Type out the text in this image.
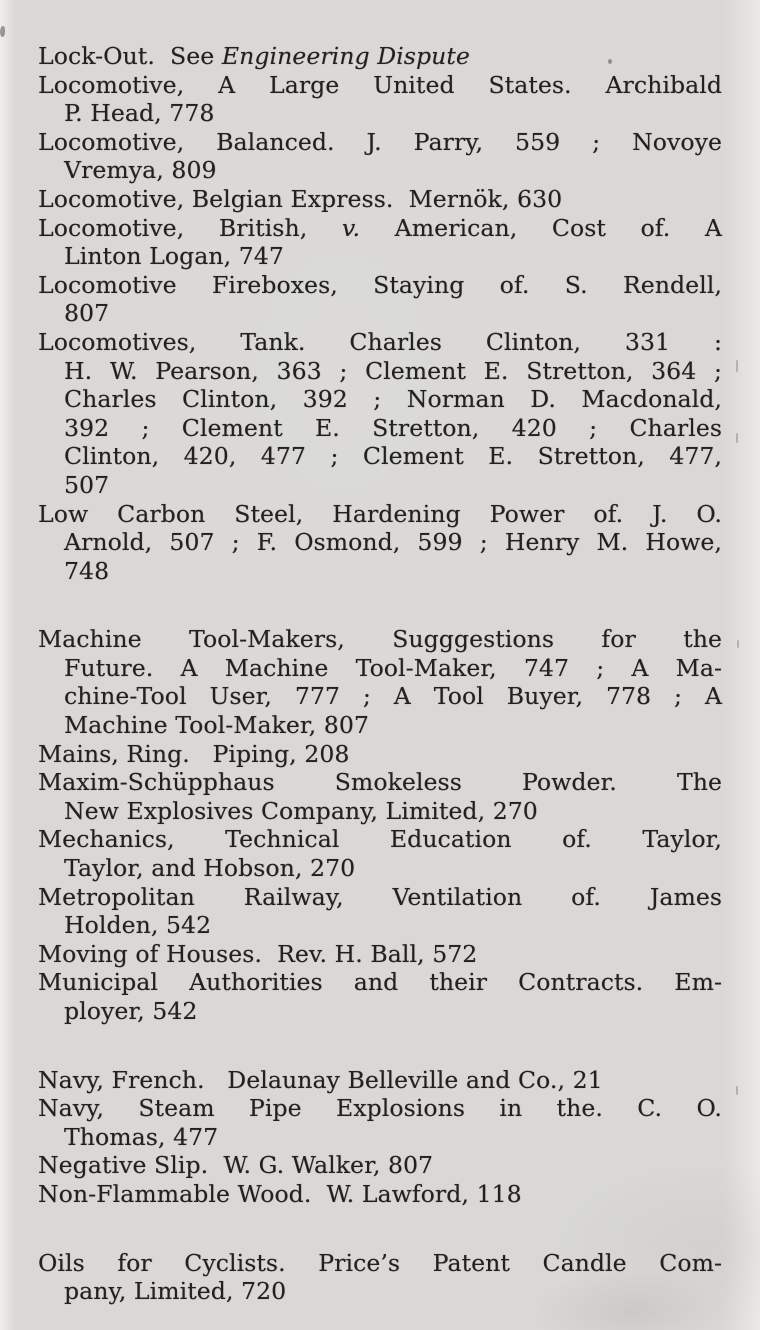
Lock-Out.  See Engineering Dispute
Locomotive, A Large United States. Archibald
P. Head, 778
Locomotive, Balanced. J. Parry, 559 ; Novoye
Vremya, 809
Locomotive, Belgian Express.  Mernök, 630
Locomotive, British, v. American, Cost of. A
Linton Logan, 747
Locomotive Fireboxes, Staying of. S. Rendell,
807
Locomotives, Tank. Charles Clinton, 331 :
H. W. Pearson, 363 ; Clement E. Stretton, 364 ;
Charles Clinton, 392 ; Norman D. Macdonald,
392 ; Clement E. Stretton, 420 ; Charles
Clinton, 420, 477 ; Clement E. Stretton, 477,
507
Low Carbon Steel, Hardening Power of. J. O.
Arnold, 507 ; F. Osmond, 599 ; Henry M. Howe,
748
Machine Tool-Makers, Sugggestions for the
Future. A Machine Tool-Maker, 747 ; A Ma-
chine-Tool User, 777 ; A Tool Buyer, 778 ; A
Machine Tool-Maker, 807
Mains, Ring.   Piping, 208
Maxim-Schüpphaus Smokeless Powder. The
New Explosives Company, Limited, 270
Mechanics, Technical Education of. Taylor,
Taylor, and Hobson, 270
Metropolitan Railway, Ventilation of. James
Holden, 542
Moving of Houses.  Rev. H. Ball, 572
Municipal Authorities and their Contracts. Em-
ployer, 542
Navy, French.   Delaunay Belleville and Co., 21
Navy, Steam Pipe Explosions in the. C. O.
Thomas, 477
Negative Slip.  W. G. Walker, 807
Non-Flammable Wood.  W. Lawford, 118
Oils for Cyclists. Price’s Patent Candle Com-
pany, Limited, 720
